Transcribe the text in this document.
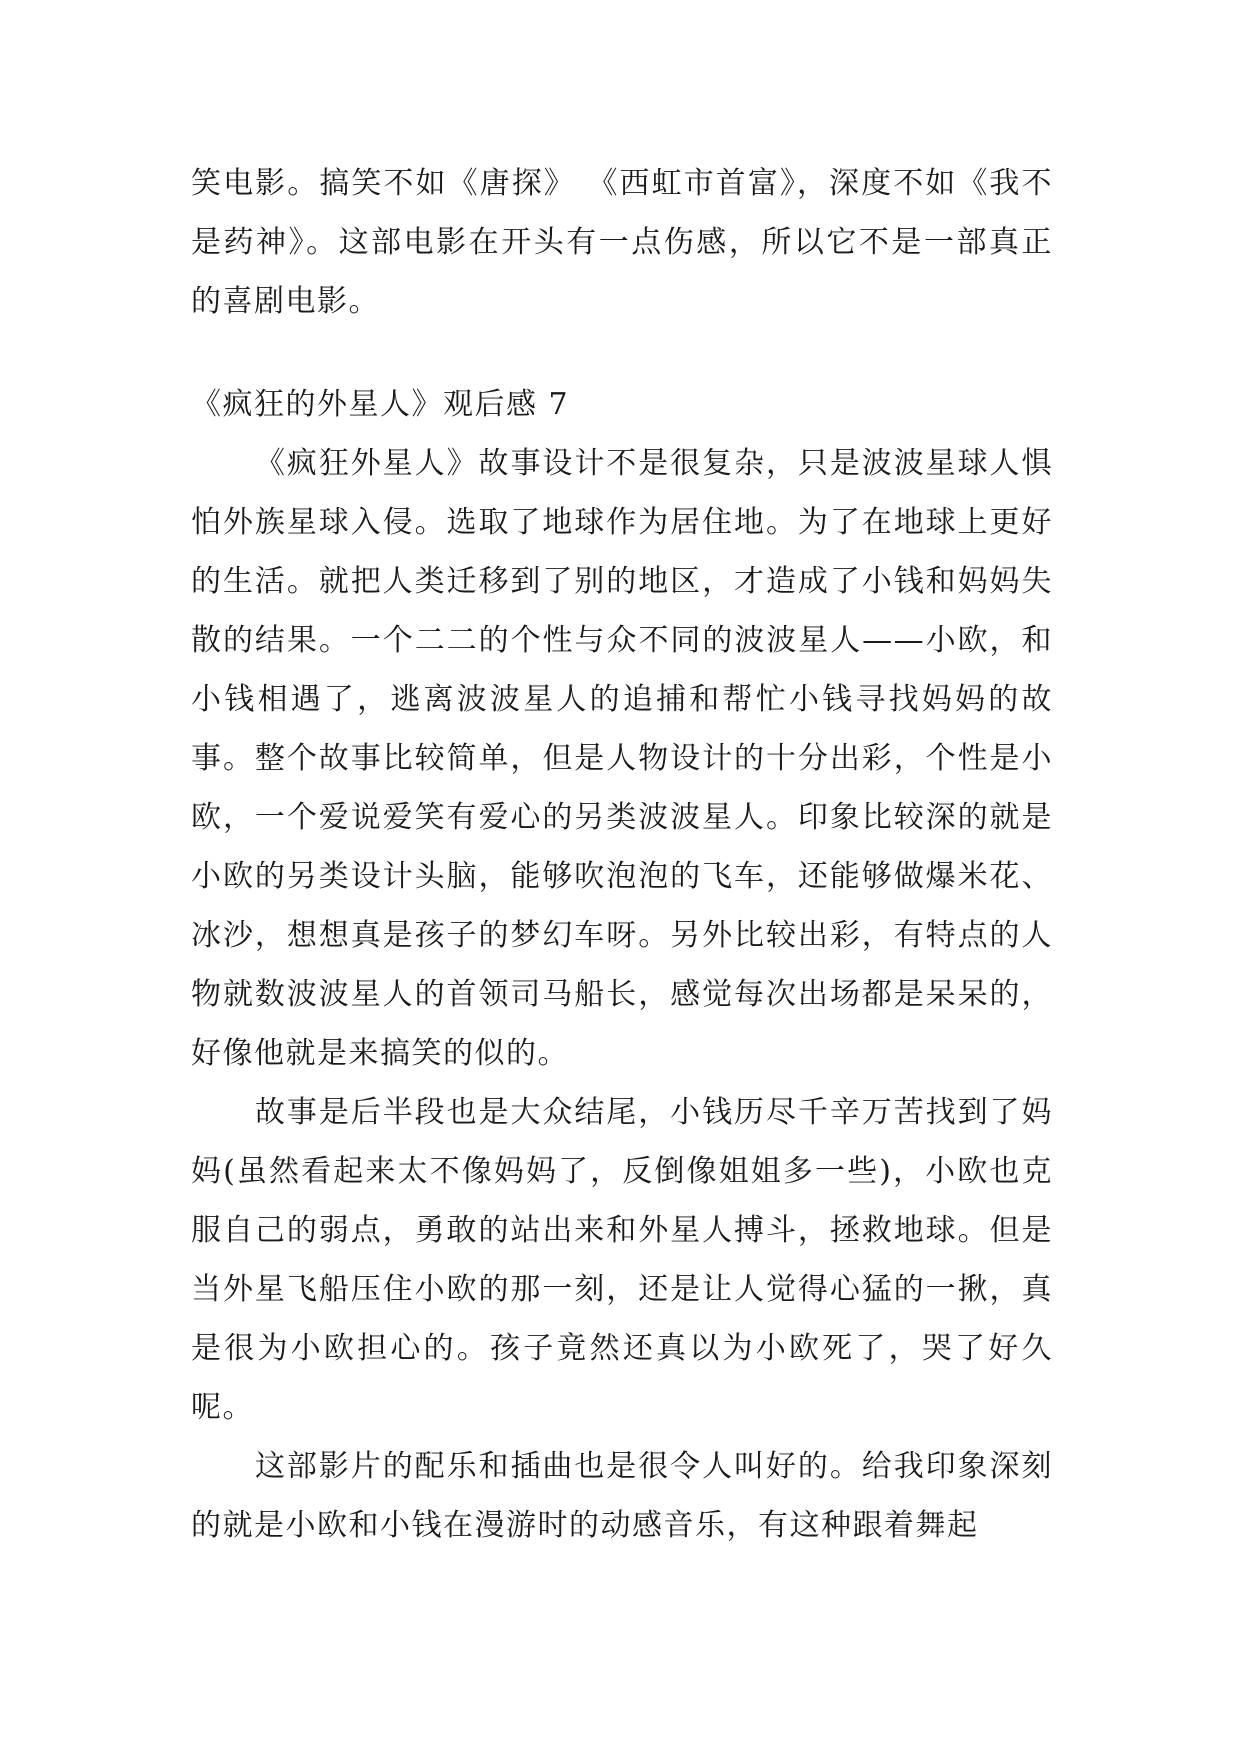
笑电影。搞笑不如《唐探》 《西虹市首富》，深度不如《我不是药神》。这部电影在开头有一点伤感，所以它不是一部真正的喜剧电影。

《疯狂的外星人》观后感 7

《疯狂外星人》故事设计不是很复杂，只是波波星球人惧怕外族星球入侵。选取了地球作为居住地。为了在地球上更好的生活。就把人类迁移到了别的地区，才造成了小钱和妈妈失散的结果。一个二二的个性与众不同的波波星人——小欧，和小钱相遇了，逃离波波星人的追捕和帮忙小钱寻找妈妈的故事。整个故事比较简单，但是人物设计的十分出彩，个性是小欧，一个爱说爱笑有爱心的另类波波星人。印象比较深的就是小欧的另类设计头脑，能够吹泡泡的飞车，还能够做爆米花、冰沙，想想真是孩子的梦幻车呀。另外比较出彩，有特点的人物就数波波星人的首领司马船长，感觉每次出场都是呆呆的，好像他就是来搞笑的似的。

故事是后半段也是大众结尾，小钱历尽千辛万苦找到了妈妈(虽然看起来太不像妈妈了，反倒像姐姐多一些)，小欧也克服自己的弱点，勇敢的站出来和外星人搏斗，拯救地球。但是当外星飞船压住小欧的那一刻，还是让人觉得心猛的一揪，真是很为小欧担心的。孩子竟然还真以为小欧死了，哭了好久呢。

这部影片的配乐和插曲也是很令人叫好的。给我印象深刻的就是小欧和小钱在漫游时的动感音乐，有这种跟着舞起
